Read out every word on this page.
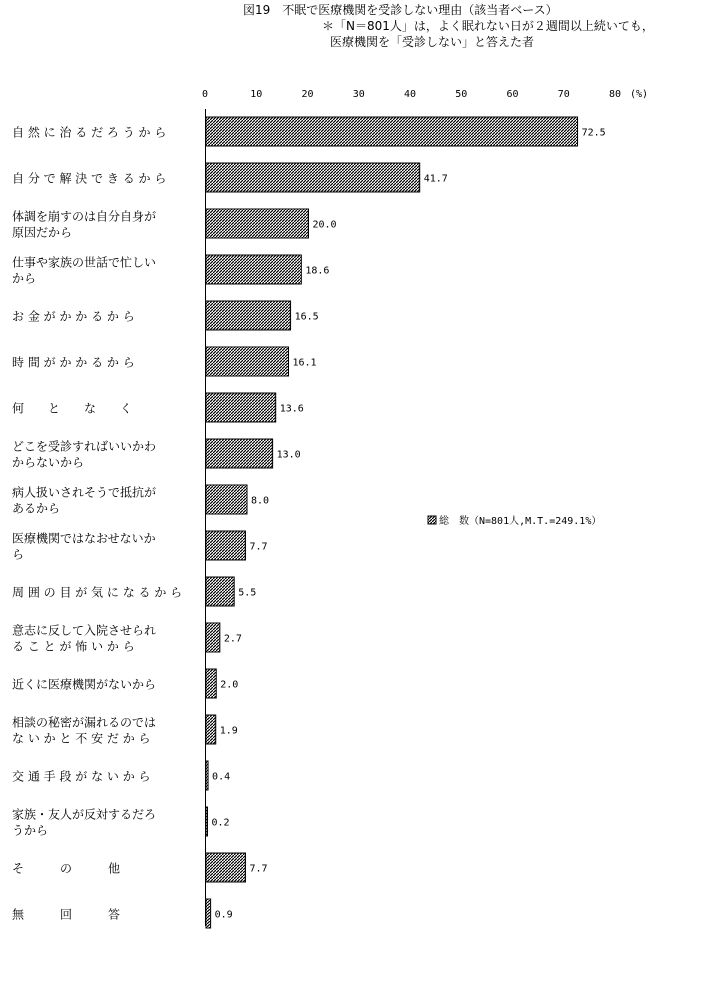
図19　不眠で医療機関を受診しない理由（該当者ベース）
＊「N＝801人」は，よく眠れない日が２週間以上続いても，
医療機関を「受診しない」と答えた者
(%)
0	10	20	30	40	50	60	70	80
72.5
41.7
20.0
18.6
16.5
16.1
13.6
13.0
8.0
7.7
5.5
2.7
2.0
1.9
0.4
0.2
7.7
0.9
自 然 に 治 る だ ろ う か ら
自 分 で 解 決 で き る か ら
体調を崩すのは自分自身が
原因だから
仕事や家族の世話で忙しい
から
お 金 が か か る か ら
時 間 が か か る か ら
何　　と　　な　　く
どこを受診すればいいかわ
からないから
病人扱いされそうで抵抗が
あるから
医療機関ではなおせないか
ら
周 囲 の 目 が 気 に な る か ら
意志に反して入院させられ
る こ と が 怖 い か ら
近くに医療機関がないから
相談の秘密が漏れるのでは
な い か と 不 安 だ か ら
交 通 手 段 が な い か ら
家族・友人が反対するだろ
うから
そ　　　の　　　他
無　　　回　　　答
総　数（N=801人,M.T.=249.1%）
